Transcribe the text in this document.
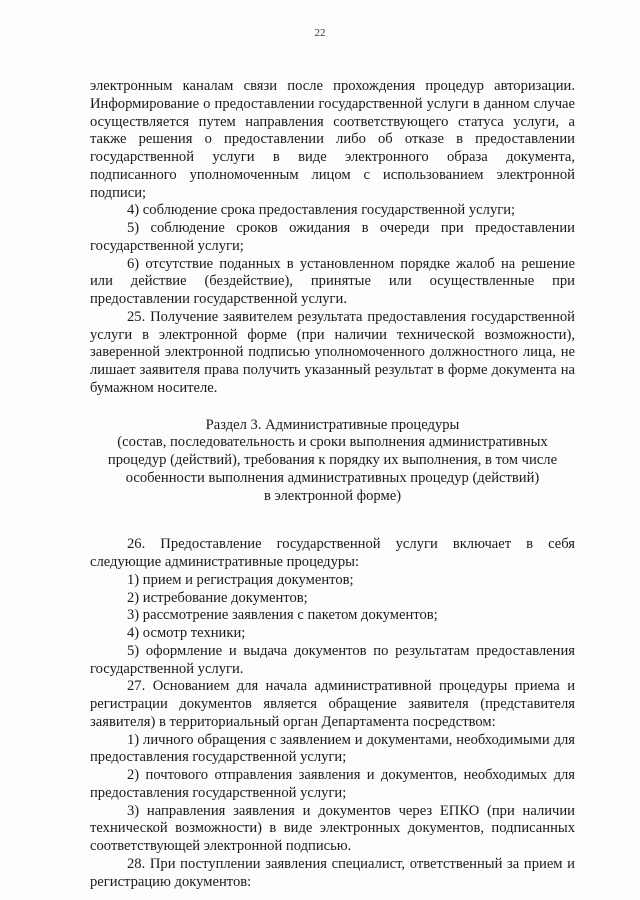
22

электронным каналам связи после прохождения процедур авторизации. Информирование о предоставлении государственной услуги в данном случае осуществляется путем направления соответствующего статуса услуги, а также решения о предоставлении либо об отказе в предоставлении государственной услуги в виде электронного образа документа, подписанного уполномоченным лицом с использованием электронной подписи;

4) соблюдение срока предоставления государственной услуги;

5) соблюдение сроков ожидания в очереди при предоставлении государственной услуги;

6) отсутствие поданных в установленном порядке жалоб на решение или действие (бездействие), принятые или осуществленные при предоставлении государственной услуги.

25. Получение заявителем результата предоставления государственной услуги в электронной форме (при наличии технической возможности), заверенной электронной подписью уполномоченного должностного лица, не лишает заявителя права получить указанный результат в форме документа на бумажном носителе.

Раздел 3. Административные процедуры
(состав, последовательность и сроки выполнения административных
процедур (действий), требования к порядку их выполнения, в том числе
особенности выполнения административных процедур (действий)
в электронной форме)

26. Предоставление государственной услуги включает в себя следующие административные процедуры:

1) прием и регистрация документов;

2) истребование документов;

3) рассмотрение заявления с пакетом документов;

4) осмотр техники;

5) оформление и выдача документов по результатам предоставления государственной услуги.

27. Основанием для начала административной процедуры приема и регистрации документов является обращение заявителя (представителя заявителя) в территориальный орган Департамента посредством:

1) личного обращения с заявлением и документами, необходимыми для предоставления государственной услуги;

2) почтового отправления заявления и документов, необходимых для предоставления государственной услуги;

3) направления заявления и документов через ЕПКО (при наличии технической возможности) в виде электронных документов, подписанных соответствующей электронной подписью.

28. При поступлении заявления специалист, ответственный за прием и регистрацию документов:
